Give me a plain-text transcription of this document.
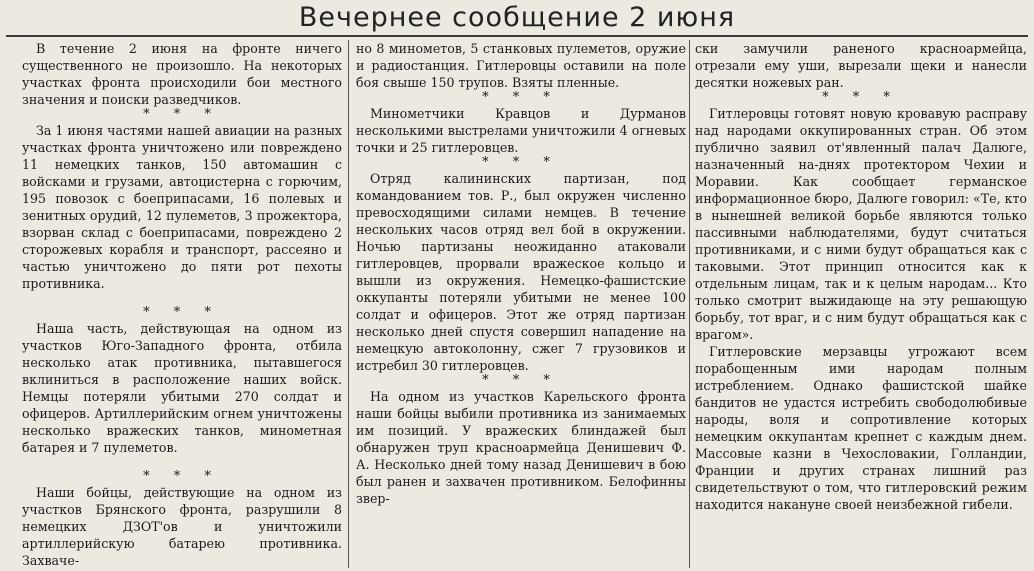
Вечернее сообщение 2 июня

В течение 2 июня на фронте ничего существенного не произошло. На некоторых участках фронта происходили бои местного значения и поиски разведчиков.

* * *

За 1 июня частями нашей авиации на разных участках фронта уничтожено или повреждено 11 немецких танков, 150 автомашин с войсками и грузами, автоцистерна с горючим, 195 повозок с боеприпасами, 16 полевых и зенитных орудий, 12 пулеметов, 3 прожектора, взорван склад с боеприпасами, повреждено 2 сторожевых корабля и транспорт, рассеяно и частью уничтожено до пяти рот пехоты противника.

* * *

Наша часть, действующая на одном из участков Юго-Западного фронта, отбила несколько атак противника, пытавшегося вклиниться в расположение наших войск. Немцы потеряли убитыми 270 солдат и офицеров. Артиллерийским огнем уничтожены несколько вражеских танков, минометная батарея и 7 пулеметов.

* * *

Наши бойцы, действующие на одном из участков Брянского фронта, разрушили 8 немецких ДЗОТ'ов и уничтожили артиллерийскую батарею противника. Захваче-

но 8 минометов, 5 станковых пулеметов, оружие и радиостанция. Гитлеровцы оставили на поле боя свыше 150 трупов. Взяты пленные.

* * *

Минометчики Кравцов и Дурманов несколькими выстрелами уничтожили 4 огневых точки и 25 гитлеровцев.

* * *

Отряд калининских партизан, под командованием тов. Р., был окружен численно превосходящими силами немцев. В течение нескольких часов отряд вел бой в окружении. Ночью партизаны неожиданно атаковали гитлеровцев, прорвали вражеское кольцо и вышли из окружения. Немецко-фашистские оккупанты потеряли убитыми не менее 100 солдат и офицеров. Этот же отряд партизан несколько дней спустя совершил нападение на немецкую автоколонну, сжег 7 грузовиков и истребил 30 гитлеровцев.

* * *

На одном из участков Карельского фронта наши бойцы выбили противника из занимаемых им позиций. У вражеских блиндажей был обнаружен труп красноармейца Денишевич Ф. А. Несколько дней тому назад Денишевич в бою был ранен и захвачен противником. Белофинны звер-

ски замучили раненого красноармейца, отрезали ему уши, вырезали щеки и нанесли десятки ножевых ран.

* * *

Гитлеровцы готовят новую кровавую расправу над народами оккупированных стран. Об этом публично заявил от'явленный палач Далюге, назначенный на-днях протектором Чехии и Моравии. Как сообщает германское информационное бюро, Далюге говорил: «Те, кто в нынешней великой борьбе являются только пассивными наблюдателями, будут считаться противниками, и с ними будут обращаться как с таковыми. Этот принцип относится как к отдельным лицам, так и к целым народам... Кто только смотрит выжидающе на эту решающую борьбу, тот враг, и с ним будут обращаться как с врагом».

Гитлеровские мерзавцы угрожают всем порабощенным ими народам полным истреблением. Однако фашистской шайке бандитов не удастся истребить свободолюбивые народы, воля и сопротивление которых немецким оккупантам крепнет с каждым днем. Массовые казни в Чехословакии, Голландии, Франции и других странах лишний раз свидетельствуют о том, что гитлеровский режим находится накануне своей неизбежной гибели.
